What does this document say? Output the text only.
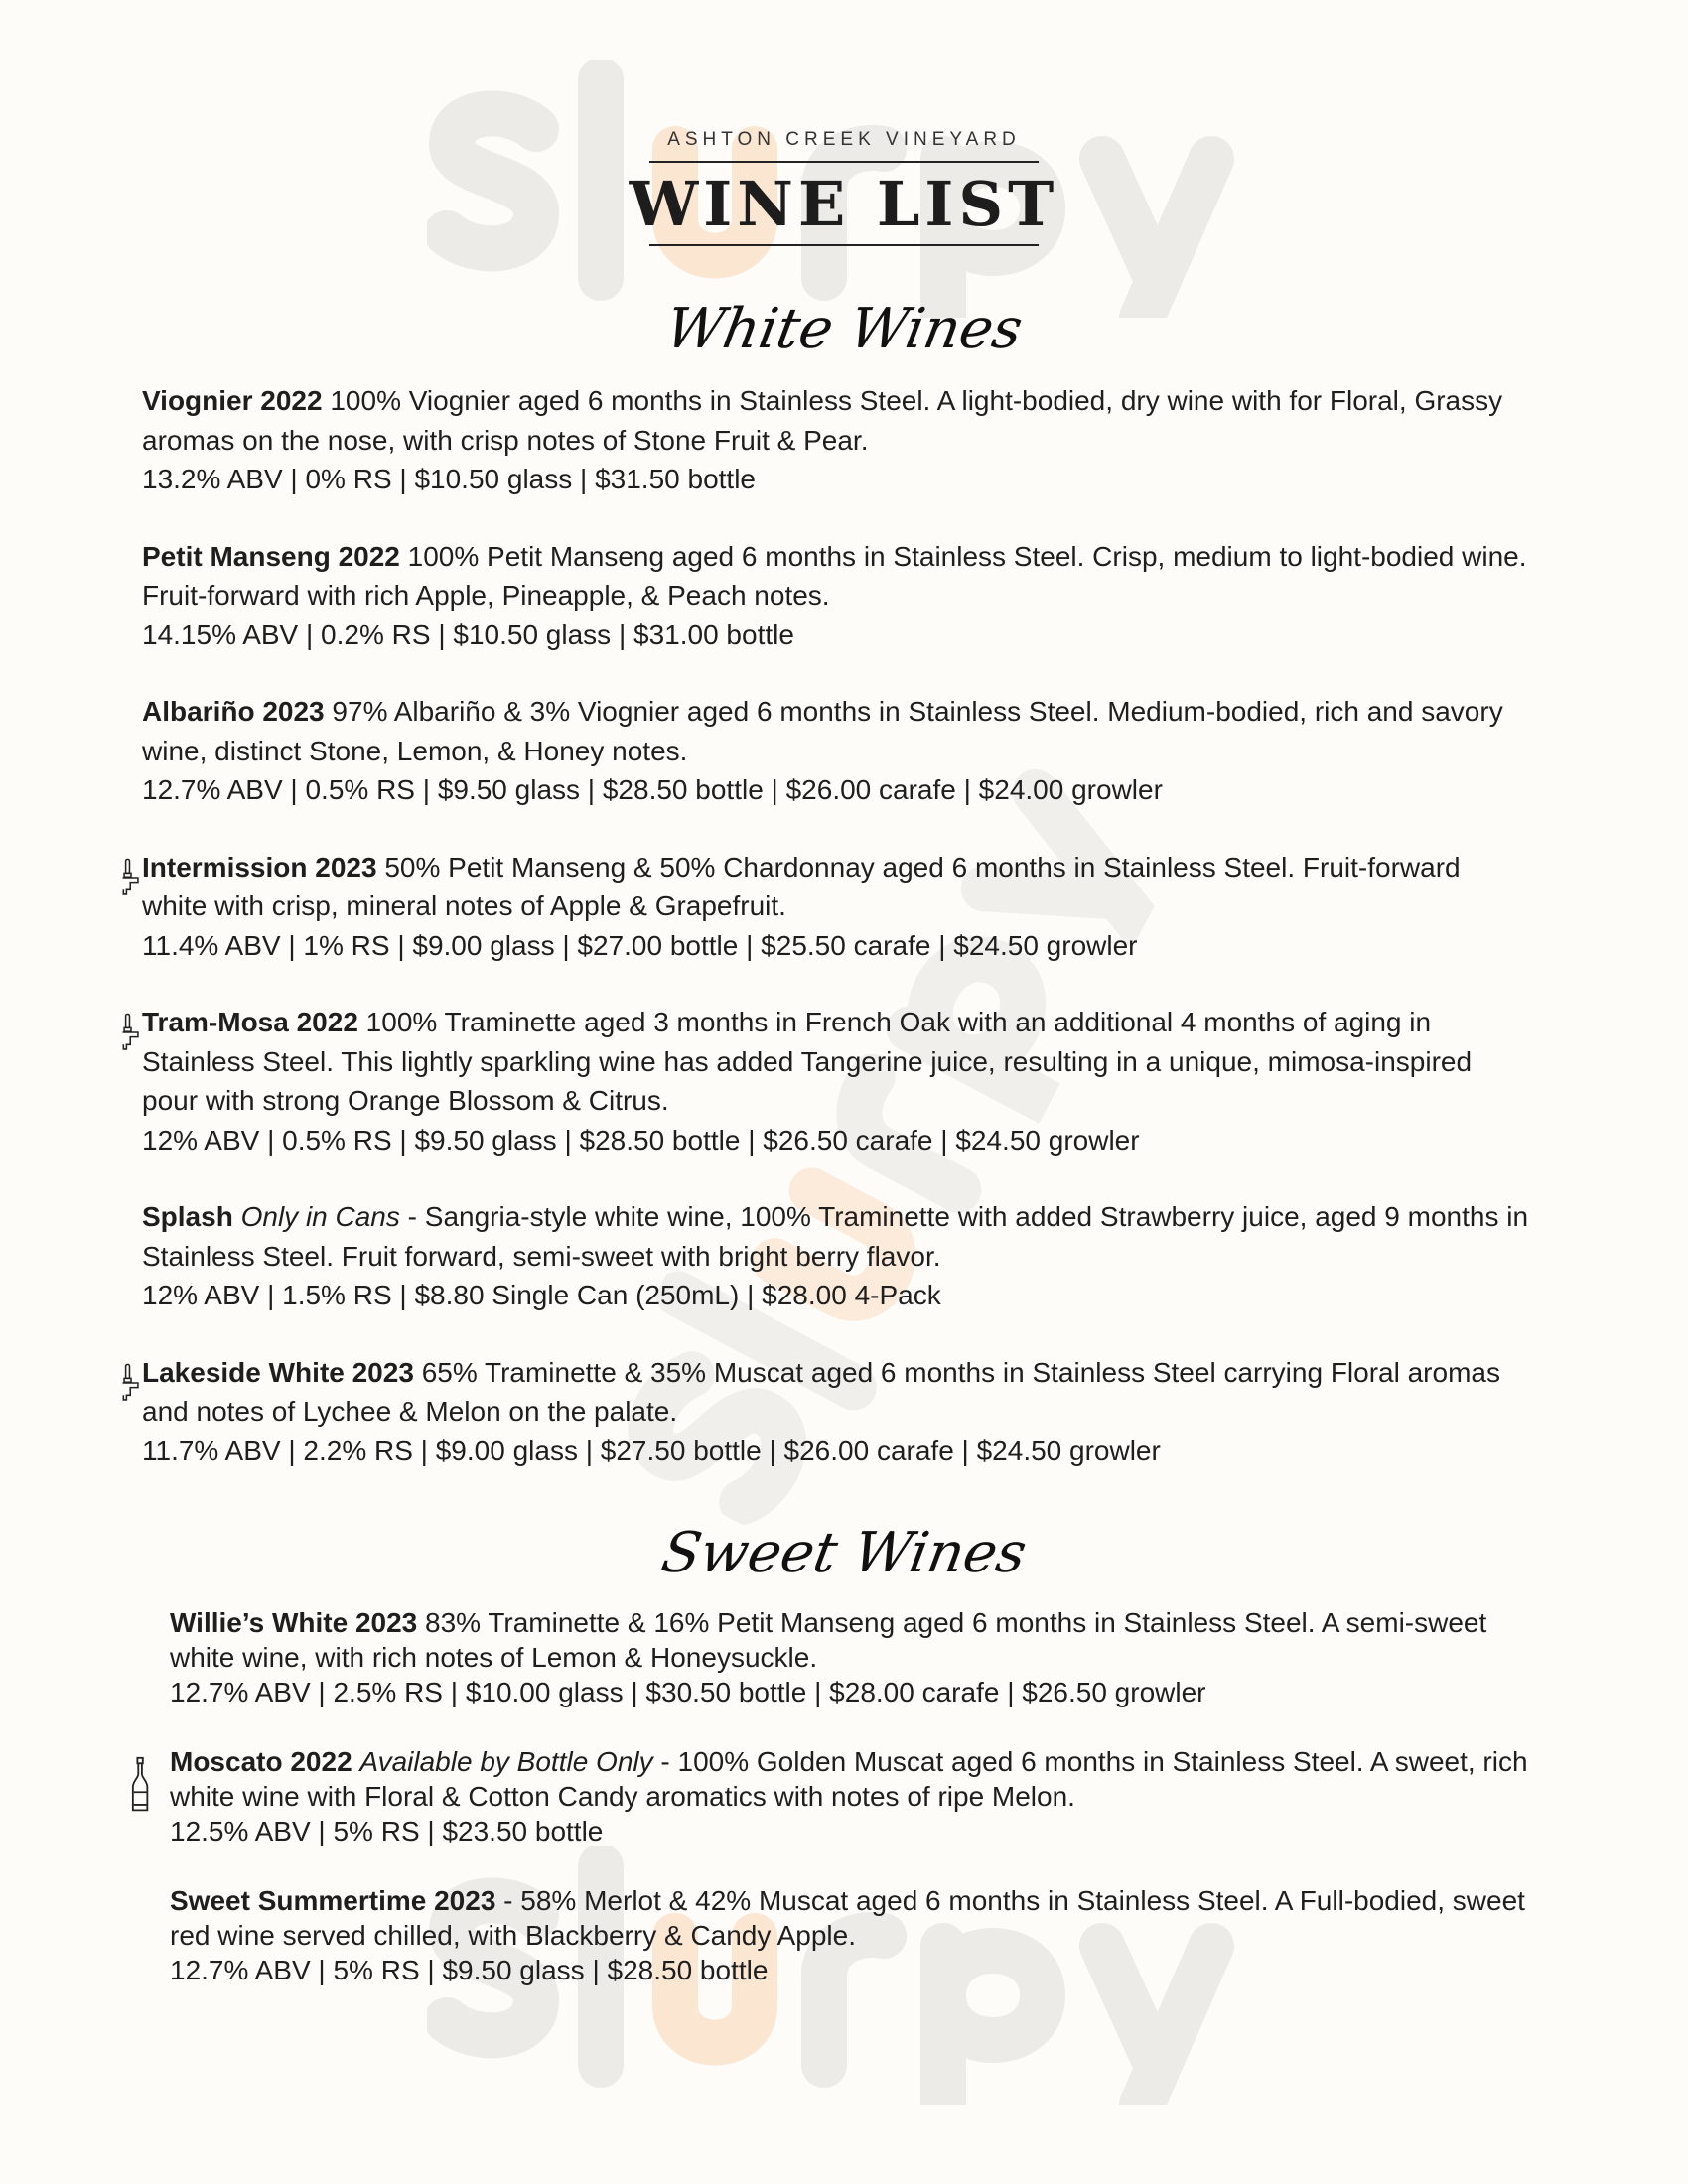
ASHTON CREEK VINEYARD
WINE LIST
White Wines
Viognier 2022 100% Viognier aged 6 months in Stainless Steel. A light-bodied, dry wine with for Floral, Grassy aromas on the nose, with crisp notes of Stone Fruit & Pear.
13.2% ABV | 0% RS | $10.50 glass | $31.50 bottle
Petit Manseng 2022 100% Petit Manseng aged 6 months in Stainless Steel. Crisp, medium to light-bodied wine. Fruit-forward with rich Apple, Pineapple, & Peach notes.
14.15% ABV | 0.2% RS | $10.50 glass | $31.00 bottle
Albariño 2023 97% Albariño & 3% Viognier aged 6 months in Stainless Steel. Medium-bodied, rich and savory wine, distinct Stone, Lemon, & Honey notes.
12.7% ABV | 0.5% RS | $9.50 glass | $28.50 bottle | $26.00 carafe | $24.00 growler
Intermission 2023 50% Petit Manseng & 50% Chardonnay aged 6 months in Stainless Steel. Fruit-forward white with crisp, mineral notes of Apple & Grapefruit.
11.4% ABV | 1% RS | $9.00 glass | $27.00 bottle | $25.50 carafe | $24.50 growler
Tram-Mosa 2022 100% Traminette aged 3 months in French Oak with an additional 4 months of aging in Stainless Steel. This lightly sparkling wine has added Tangerine juice, resulting in a unique, mimosa-inspired pour with strong Orange Blossom & Citrus.
12% ABV | 0.5% RS | $9.50 glass | $28.50 bottle | $26.50 carafe | $24.50 growler
Splash Only in Cans - Sangria-style white wine, 100% Traminette with added Strawberry juice, aged 9 months in Stainless Steel. Fruit forward, semi-sweet with bright berry flavor.
12% ABV | 1.5% RS | $8.80 Single Can (250mL) | $28.00 4-Pack
Lakeside White 2023 65% Traminette & 35% Muscat aged 6 months in Stainless Steel carrying Floral aromas and notes of Lychee & Melon on the palate.
11.7% ABV | 2.2% RS | $9.00 glass | $27.50 bottle | $26.00 carafe | $24.50 growler
Sweet Wines
Willie’s White 2023 83% Traminette & 16% Petit Manseng aged 6 months in Stainless Steel. A semi-sweet white wine, with rich notes of Lemon & Honeysuckle.
12.7% ABV | 2.5% RS | $10.00 glass | $30.50 bottle | $28.00 carafe | $26.50 growler
Moscato 2022 Available by Bottle Only - 100% Golden Muscat aged 6 months in Stainless Steel. A sweet, rich white wine with Floral & Cotton Candy aromatics with notes of ripe Melon.
12.5% ABV | 5% RS | $23.50 bottle
Sweet Summertime 2023 - 58% Merlot & 42% Muscat aged 6 months in Stainless Steel. A Full-bodied, sweet red wine served chilled, with Blackberry & Candy Apple.
12.7% ABV | 5% RS | $9.50 glass | $28.50 bottle
